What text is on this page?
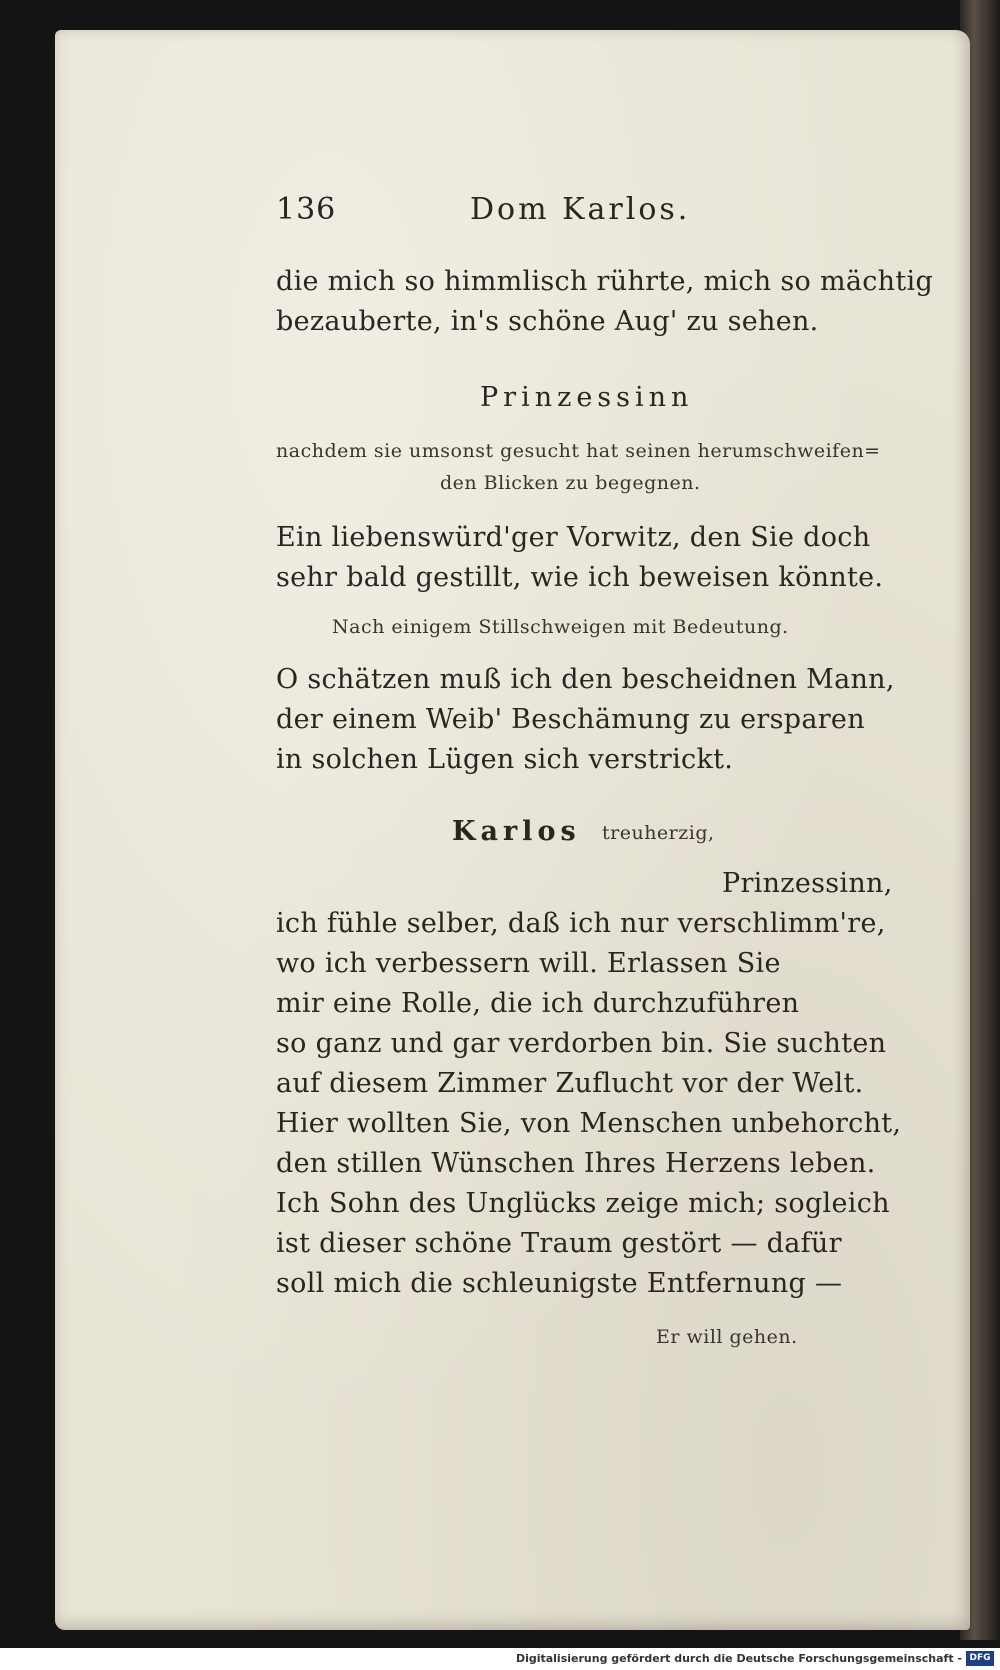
136	Dom Karlos.
die mich so himmlisch rührte, mich so mächtig
bezauberte, in's schöne Aug' zu sehen.
Prinzessinn
nachdem sie umsonst gesucht hat seinen herumschweifen=
den Blicken zu begegnen.
Ein liebenswürd'ger Vorwitz, den Sie doch
sehr bald gestillt, wie ich beweisen könnte.
Nach einigem Stillschweigen mit Bedeutung.
O schätzen muß ich den bescheidnen Mann,
der einem Weib' Beschämung zu ersparen
in solchen Lügen sich verstrickt.
Karlos treuherzig,
Prinzessinn,
ich fühle selber, daß ich nur verschlimm're,
wo ich verbessern will. Erlassen Sie
mir eine Rolle, die ich durchzuführen
so ganz und gar verdorben bin. Sie suchten
auf diesem Zimmer Zuflucht vor der Welt.
Hier wollten Sie, von Menschen unbehorcht,
den stillen Wünschen Ihres Herzens leben.
Ich Sohn des Unglücks zeige mich; sogleich
ist dieser schöne Traum gestört — dafür
soll mich die schleunigste Entfernung —
Er will gehen.
Digitalisierung gefördert durch die Deutsche Forschungsgemeinschaft - DFG
